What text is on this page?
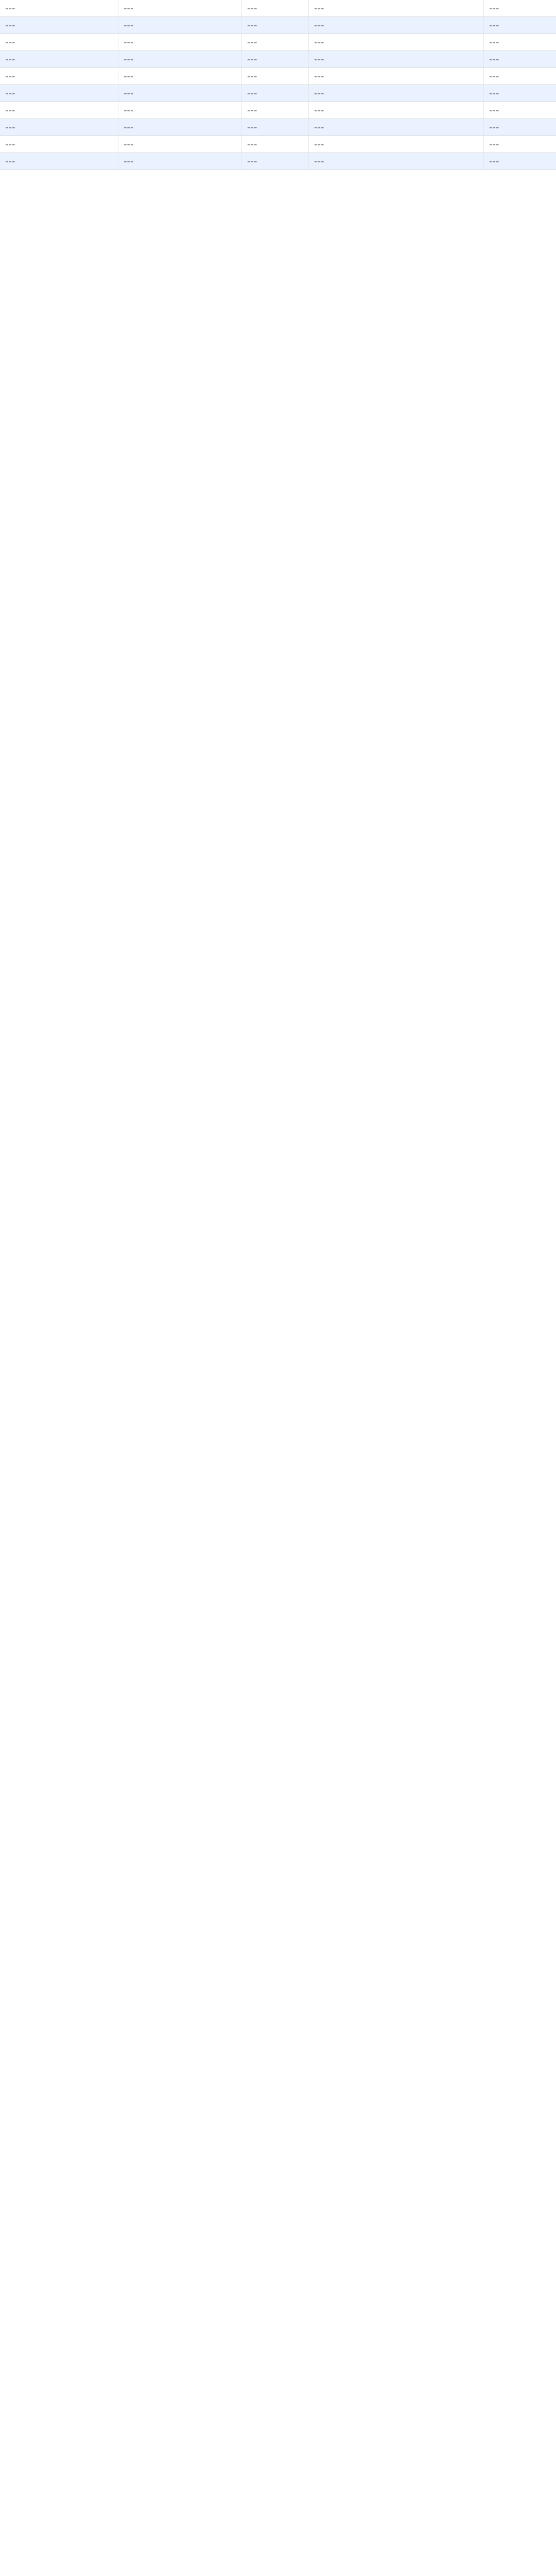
---	---	---	---	---
---	---	---	---	---
---	---	---	---	---
---	---	---	---	---
---	---	---	---	---
---	---	---	---	---
---	---	---	---	---
---	---	---	---	---
---	---	---	---	---
---	---	---	---	---
